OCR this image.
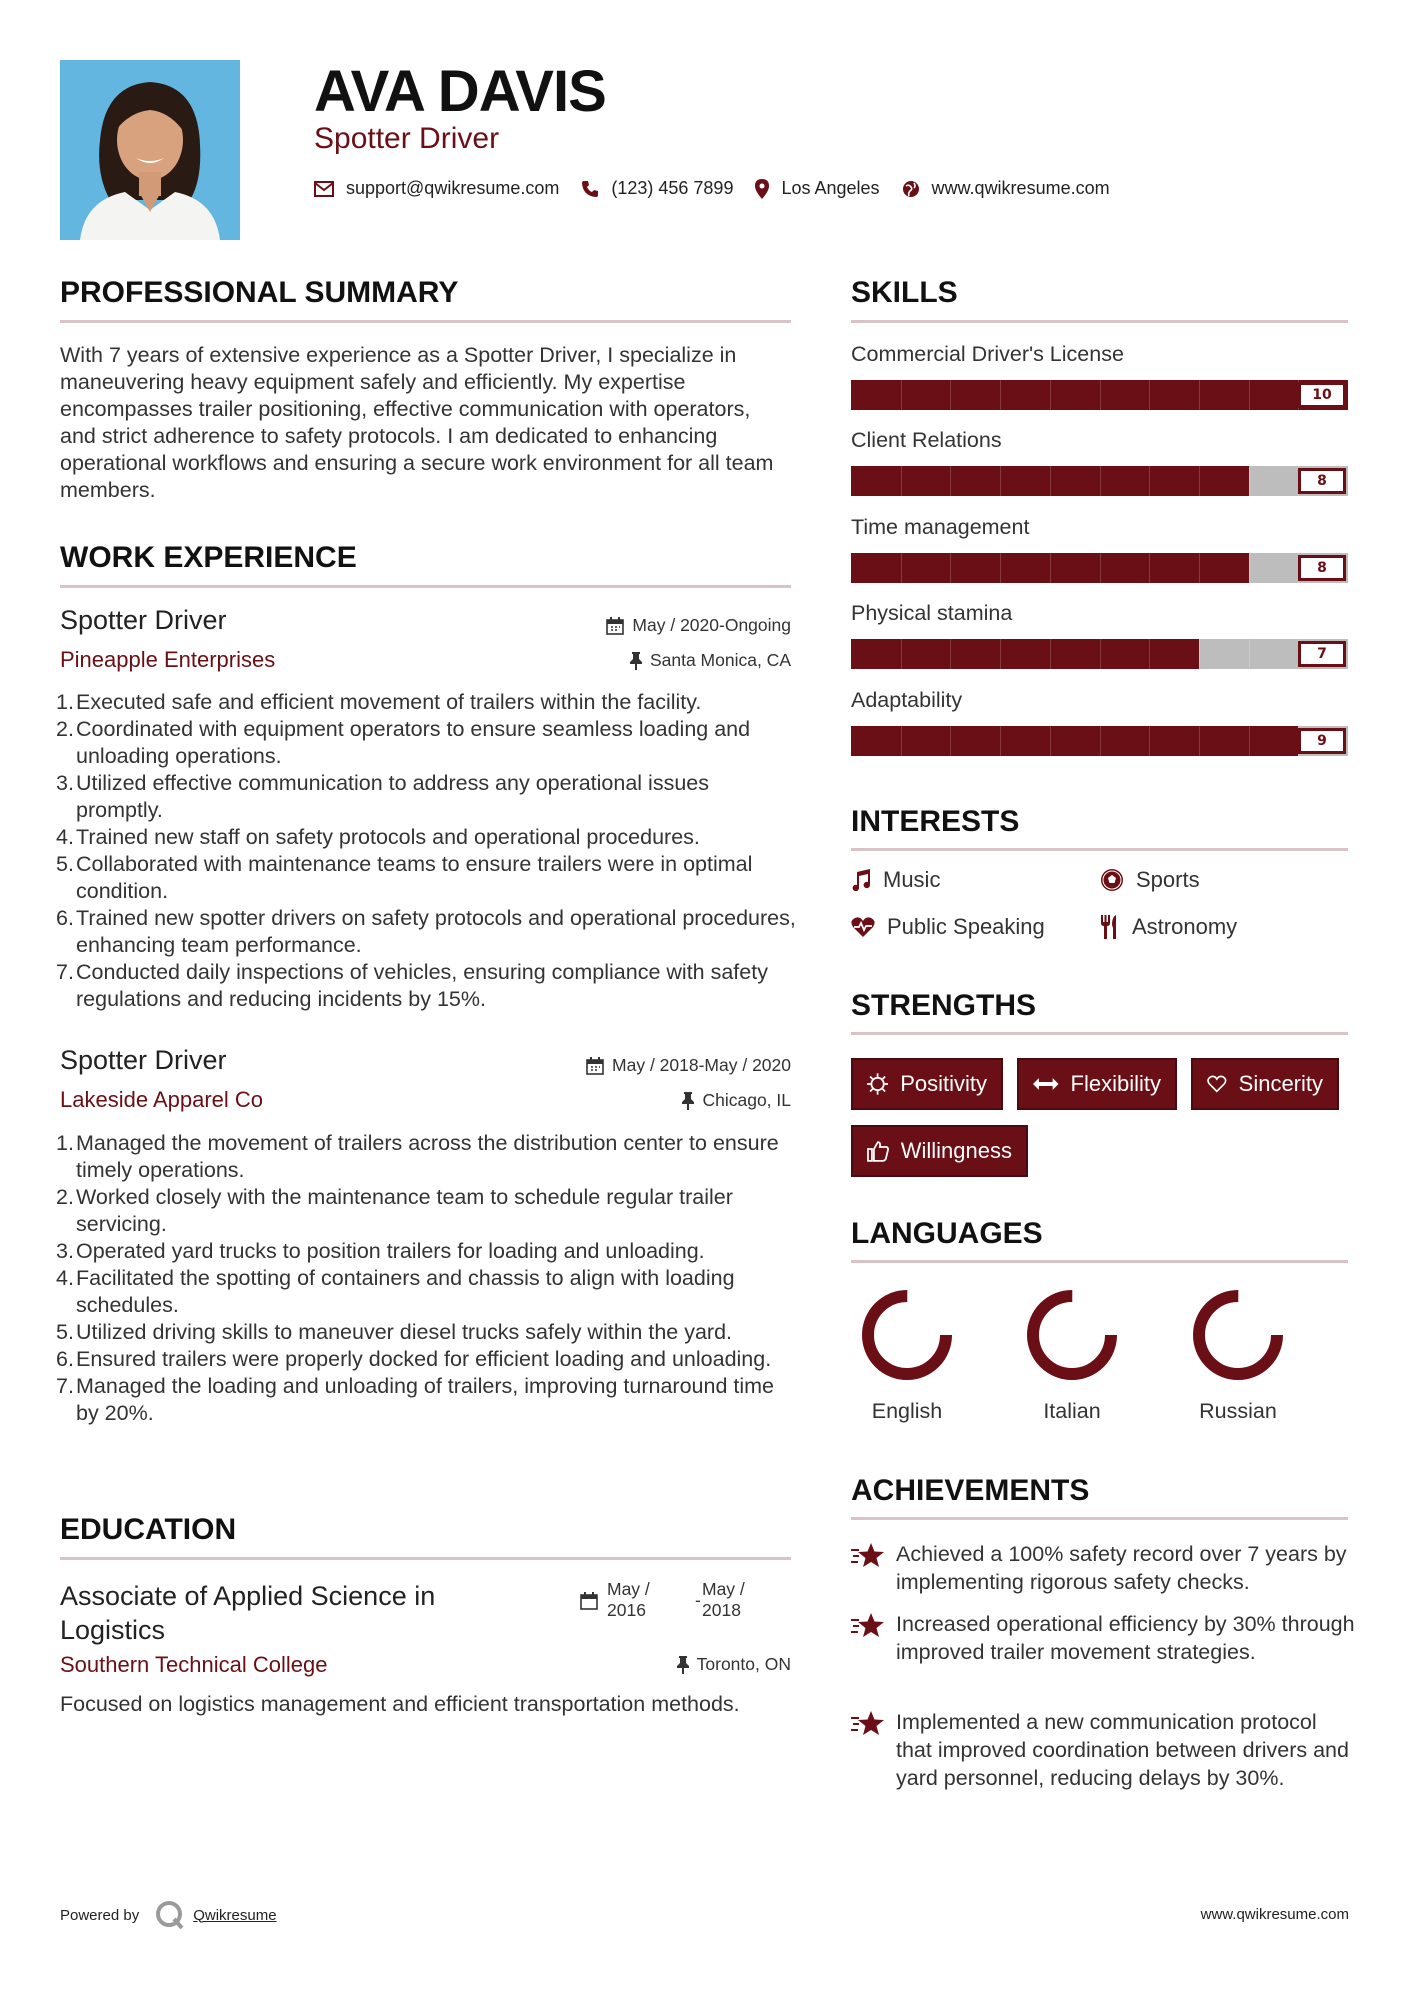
AVA DAVIS
Spotter Driver
support@qwikresume.com	(123) 456 7899	Los Angeles	www.qwikresume.com
PROFESSIONAL SUMMARY
With 7 years of extensive experience as a Spotter Driver, I specialize in maneuvering heavy equipment safely and efficiently. My expertise encompasses trailer positioning, effective communication with operators, and strict adherence to safety protocols. I am dedicated to enhancing operational workflows and ensuring a secure work environment for all team members.
WORK EXPERIENCE
Spotter Driver	May / 2020-Ongoing
Pineapple Enterprises	Santa Monica, CA
1. Executed safe and efficient movement of trailers within the facility.
2. Coordinated with equipment operators to ensure seamless loading and unloading operations.
3. Utilized effective communication to address any operational issues promptly.
4. Trained new staff on safety protocols and operational procedures.
5. Collaborated with maintenance teams to ensure trailers were in optimal condition.
6. Trained new spotter drivers on safety protocols and operational procedures, enhancing team performance.
7. Conducted daily inspections of vehicles, ensuring compliance with safety regulations and reducing incidents by 15%.
Spotter Driver	May / 2018-May / 2020
Lakeside Apparel Co	Chicago, IL
1. Managed the movement of trailers across the distribution center to ensure timely operations.
2. Worked closely with the maintenance team to schedule regular trailer servicing.
3. Operated yard trucks to position trailers for loading and unloading.
4. Facilitated the spotting of containers and chassis to align with loading schedules.
5. Utilized driving skills to maneuver diesel trucks safely within the yard.
6. Ensured trailers were properly docked for efficient loading and unloading.
7. Managed the loading and unloading of trailers, improving turnaround time by 20%.
EDUCATION
Associate of Applied Science in Logistics
May / 2016	-
May / 2018
Southern Technical College	Toronto, ON
Focused on logistics management and efficient transportation methods.
SKILLS
Commercial Driver's License
10
Client Relations
8
Time management
8
Physical stamina
7
Adaptability
9
INTERESTS
Music	Sports
Public Speaking	Astronomy
STRENGTHS
Positivity	Flexibility	Sincerity
Willingness
LANGUAGES
English	Italian	Russian
ACHIEVEMENTS
Achieved a 100% safety record over 7 years by implementing rigorous safety checks.
Increased operational efficiency by 30% through improved trailer movement strategies.
Implemented a new communication protocol that improved coordination between drivers and yard personnel, reducing delays by 30%.
Powered by	Qwikresume	www.qwikresume.com
